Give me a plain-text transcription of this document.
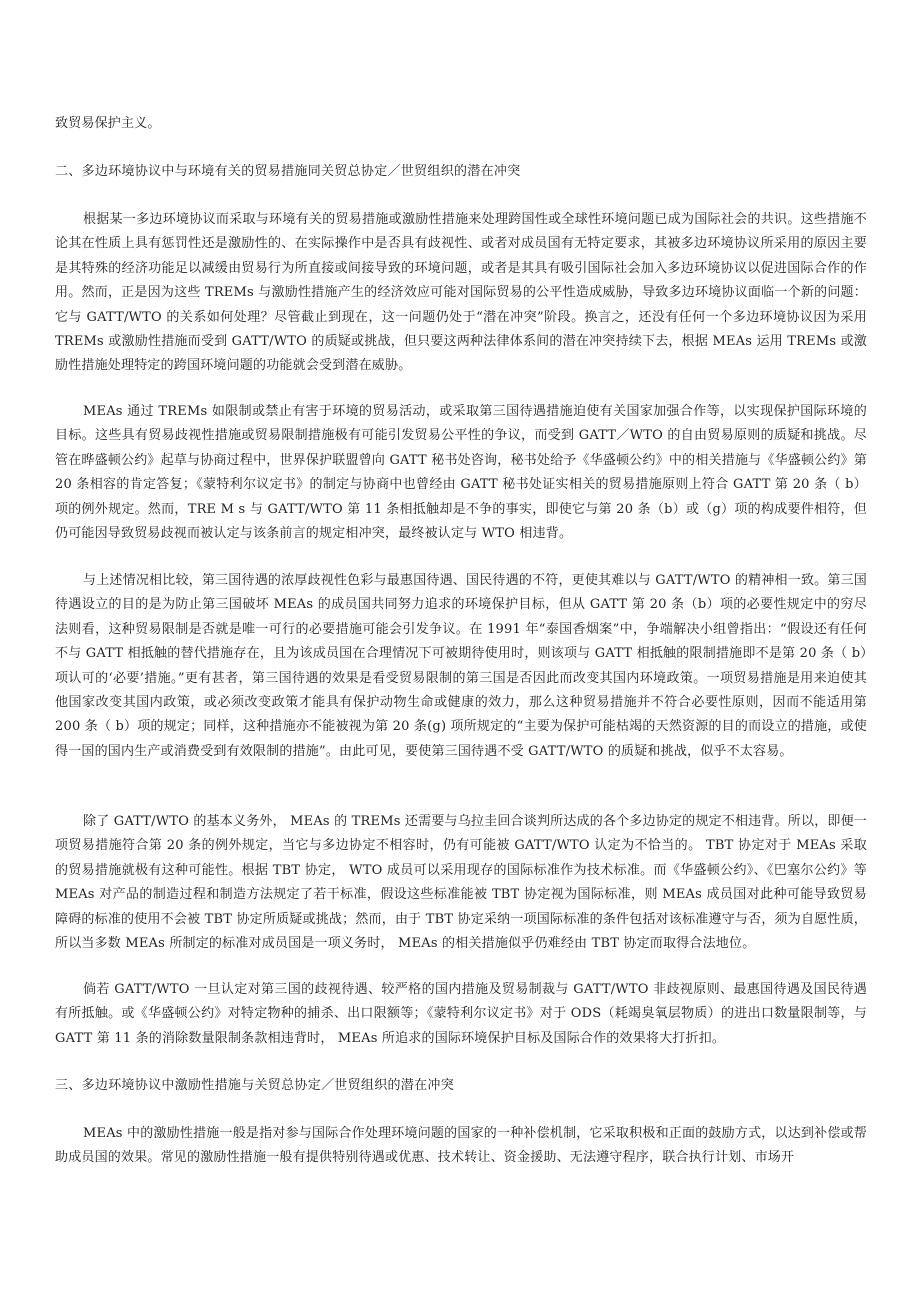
致贸易保护主义。

二、多边环境协议中与环境有关的贸易措施同关贸总协定／世贸组织的潜在冲突

根据某一多边环境协议而采取与环境有关的贸易措施或激励性措施来处理跨国性或全球性环境问题已成为国际社会的共识。这些措施不论其在性质上具有惩罚性还是激励性的、在实际操作中是否具有歧视性、或者对成员国有无特定要求，其被多边环境协议所采用的原因主要是其特殊的经济功能足以减缓由贸易行为所直接或间接导致的环境问题，或者是其具有吸引国际社会加入多边环境协议以促进国际合作的作用。然而，正是因为这些 TREMs 与激励性措施产生的经济效应可能对国际贸易的公平性造成威胁，导致多边环境协议面临一个新的问题：它与 GATT/WTO 的关系如何处理？尽管截止到现在，这一问题仍处于“潜在冲突”阶段。换言之，还没有任何一个多边环境协议因为采用 TREMs 或激励性措施而受到 GATT/WTO 的质疑或挑战，但只要这两种法律体系间的潜在冲突持续下去，根据 MEAs 运用 TREMs 或激励性措施处理特定的跨国环境问题的功能就会受到潜在威胁。

MEAs 通过 TREMs 如限制或禁止有害于环境的贸易活动，或采取第三国待遇措施迫使有关国家加强合作等，以实现保护国际环境的目标。这些具有贸易歧视性措施或贸易限制措施极有可能引发贸易公平性的争议，而受到 GATT／WTO 的自由贸易原则的质疑和挑战。尽管在晔盛顿公约》起草与协商过程中，世界保护联盟曾向 GATT 秘书处咨询，秘书处给予《华盛顿公约》中的相关措施与《华盛顿公约》第 20 条相容的肯定答复；《蒙特利尔议定书》的制定与协商中也曾经由 GATT 秘书处证实相关的贸易措施原则上符合 GATT 第 20 条（ b）项的例外规定。然而，TRE M s 与 GATT/WTO 第 11 条相抵触却是不争的事实，即使它与第 20 条（b）或（g）项的构成要件相符，但仍可能因导致贸易歧视而被认定与该条前言的规定相冲突，最终被认定与 WTO 相违背。

与上述情况相比较，第三国待遇的浓厚歧视性色彩与最惠国待遇、国民待遇的不符，更使其难以与 GATT/WTO 的精神相一致。第三国待遇设立的目的是为防止第三国破坏 MEAs 的成员国共同努力追求的环境保护目标，但从 GATT 第 20 条（b）项的必要性规定中的穷尽法则看，这种贸易限制是否就是唯一可行的必要措施可能会引发争议。在 1991 年“泰国香烟案”中，争端解决小组曾指出：“假设还有任何不与 GATT 相抵触的替代措施存在，且为该成员国在合理情况下可被期待使用时，则该项与 GATT 相抵触的限制措施即不是第 20 条（ b）项认可的‘必要’措施。”更有甚者，第三国待遇的效果是看受贸易限制的第三国是否因此而改变其国内环境政策。一项贸易措施是用来迫使其他国家改变其国内政策，或必须改变政策才能具有保护动物生命或健康的效力，那么这种贸易措施并不符合必要性原则，因而不能适用第 200 条（ b）项的规定；同样，这种措施亦不能被视为第 20 条(g) 项所规定的“主要为保护可能枯竭的天然资源的目的而设立的措施，或使得一国的国内生产或消费受到有效限制的措施”。由此可见，要使第三国待遇不受 GATT/WTO 的质疑和挑战，似乎不太容易。

除了 GATT/WTO 的基本义务外， MEAs 的 TREMs 还需要与乌拉圭回合谈判所达成的各个多边协定的规定不相违背。所以，即便一项贸易措施符合第 20 条的例外规定，当它与多边协定不相容时，仍有可能被 GATT/WTO 认定为不恰当的。 TBT 协定对于 MEAs 采取的贸易措施就极有这种可能性。根据 TBT 协定， WTO 成员可以采用现存的国际标准作为技术标准。而《华盛顿公约》、《巴塞尔公约》等 MEAs 对产品的制造过程和制造方法规定了若干标准，假设这些标准能被 TBT 协定视为国际标准，则 MEAs 成员国对此种可能导致贸易障碍的标准的使用不会被 TBT 协定所质疑或挑战；然而，由于 TBT 协定采纳一项国际标准的条件包括对该标准遵守与否，须为自愿性质，所以当多数 MEAs 所制定的标准对成员国是一项义务时， MEAs 的相关措施似乎仍难经由 TBT 协定而取得合法地位。

倘若 GATT/WTO 一旦认定对第三国的歧视待遇、较严格的国内措施及贸易制裁与 GATT/WTO 非歧视原则、最惠国待遇及国民待遇有所抵触。或《华盛顿公约》对特定物种的捕杀、出口限额等；《蒙特利尔议定书》对于 ODS（耗竭臭氧层物质）的进出口数量限制等，与 GATT 第 11 条的消除数量限制条款相违背时， MEAs 所追求的国际环境保护目标及国际合作的效果将大打折扣。

三、多边环境协议中激励性措施与关贸总协定／世贸组织的潜在冲突

MEAs 中的激励性措施一般是指对参与国际合作处理环境问题的国家的一种补偿机制，它采取积极和正面的鼓励方式，以达到补偿或帮助成员国的效果。常见的激励性措施一般有提供特别待遇或优惠、技术转让、资金援助、无法遵守程序，联合执行计划、市场开
